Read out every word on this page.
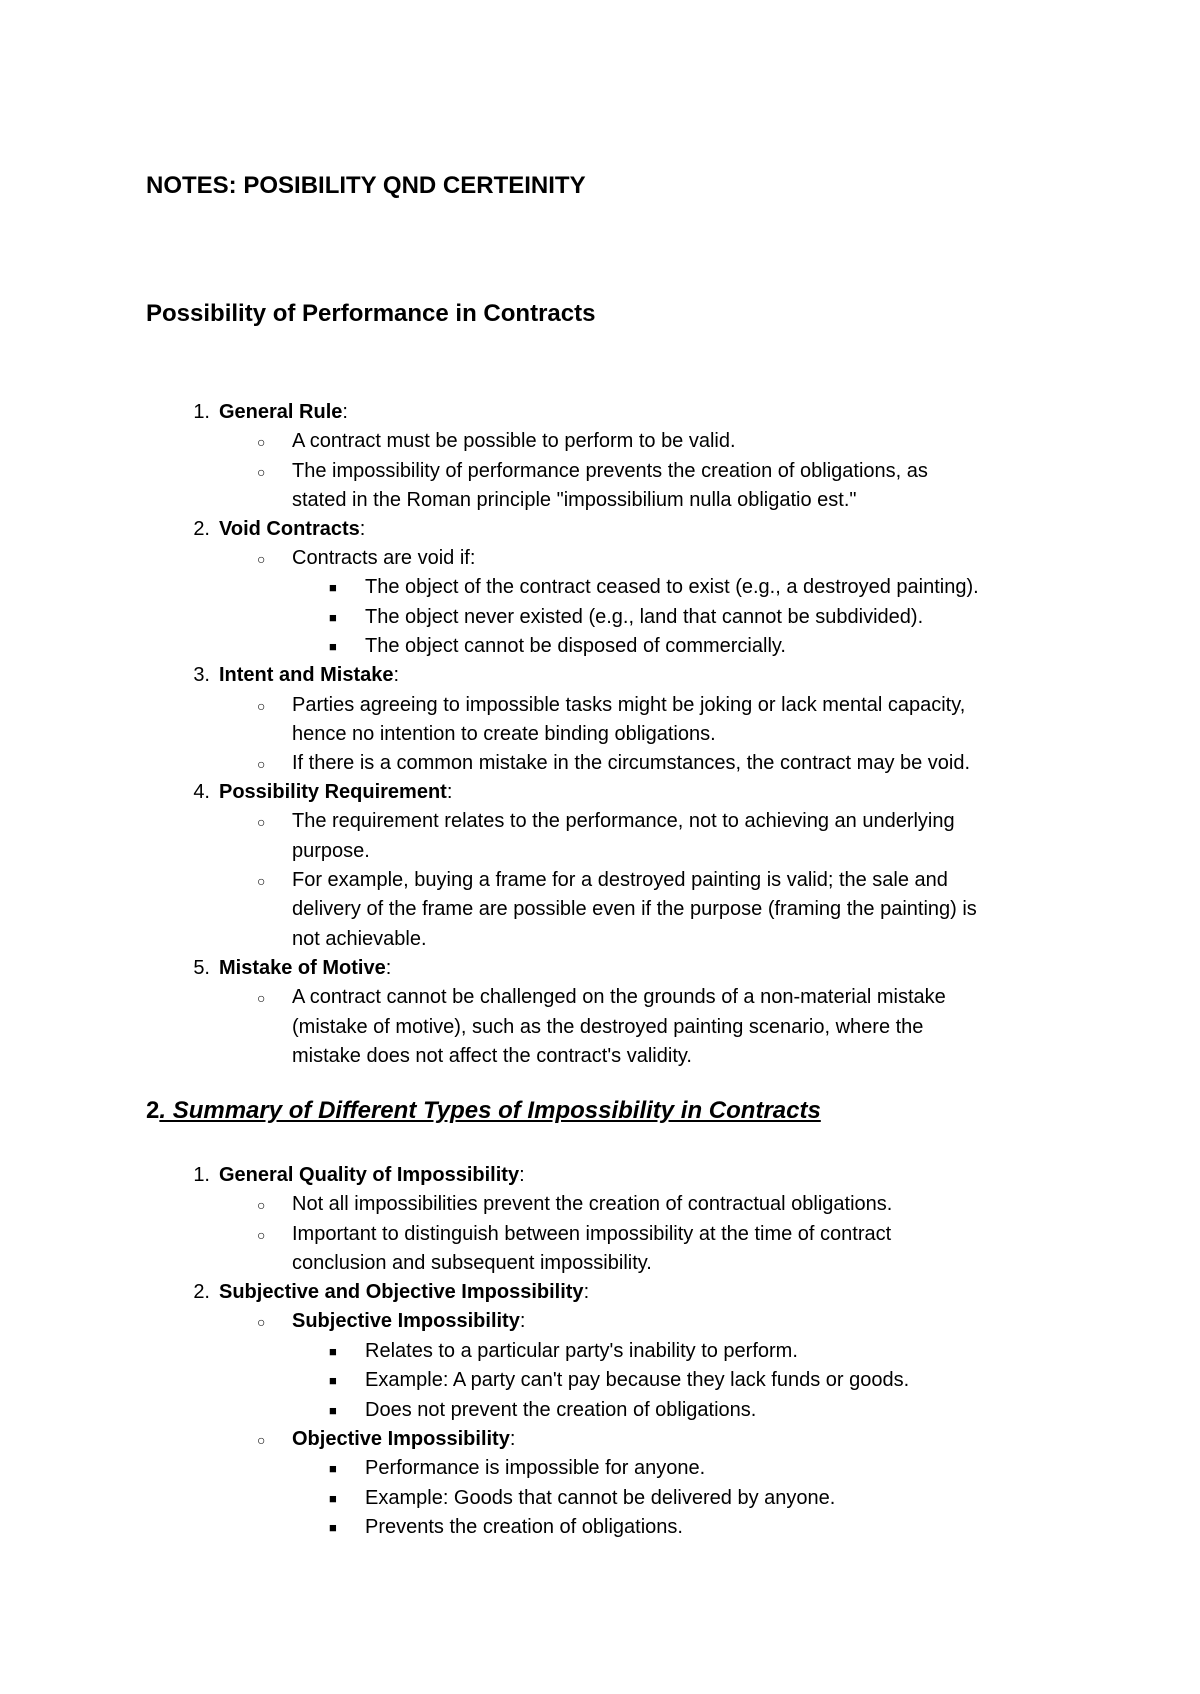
NOTES: POSIBILITY QND CERTEINITY
Possibility of Performance in Contracts
1. General Rule:
○ A contract must be possible to perform to be valid.
○ The impossibility of performance prevents the creation of obligations, as
stated in the Roman principle "impossibilium nulla obligatio est."
2. Void Contracts:
○ Contracts are void if:
■ The object of the contract ceased to exist (e.g., a destroyed painting).
■ The object never existed (e.g., land that cannot be subdivided).
■ The object cannot be disposed of commercially.
3. Intent and Mistake:
○ Parties agreeing to impossible tasks might be joking or lack mental capacity,
hence no intention to create binding obligations.
○ If there is a common mistake in the circumstances, the contract may be void.
4. Possibility Requirement:
○ The requirement relates to the performance, not to achieving an underlying
purpose.
○ For example, buying a frame for a destroyed painting is valid; the sale and
delivery of the frame are possible even if the purpose (framing the painting) is
not achievable.
5. Mistake of Motive:
○ A contract cannot be challenged on the grounds of a non-material mistake
(mistake of motive), such as the destroyed painting scenario, where the
mistake does not affect the contract's validity.
2. Summary of Different Types of Impossibility in Contracts
1. General Quality of Impossibility:
○ Not all impossibilities prevent the creation of contractual obligations.
○ Important to distinguish between impossibility at the time of contract
conclusion and subsequent impossibility.
2. Subjective and Objective Impossibility:
○ Subjective Impossibility:
■ Relates to a particular party's inability to perform.
■ Example: A party can't pay because they lack funds or goods.
■ Does not prevent the creation of obligations.
○ Objective Impossibility:
■ Performance is impossible for anyone.
■ Example: Goods that cannot be delivered by anyone.
■ Prevents the creation of obligations.
